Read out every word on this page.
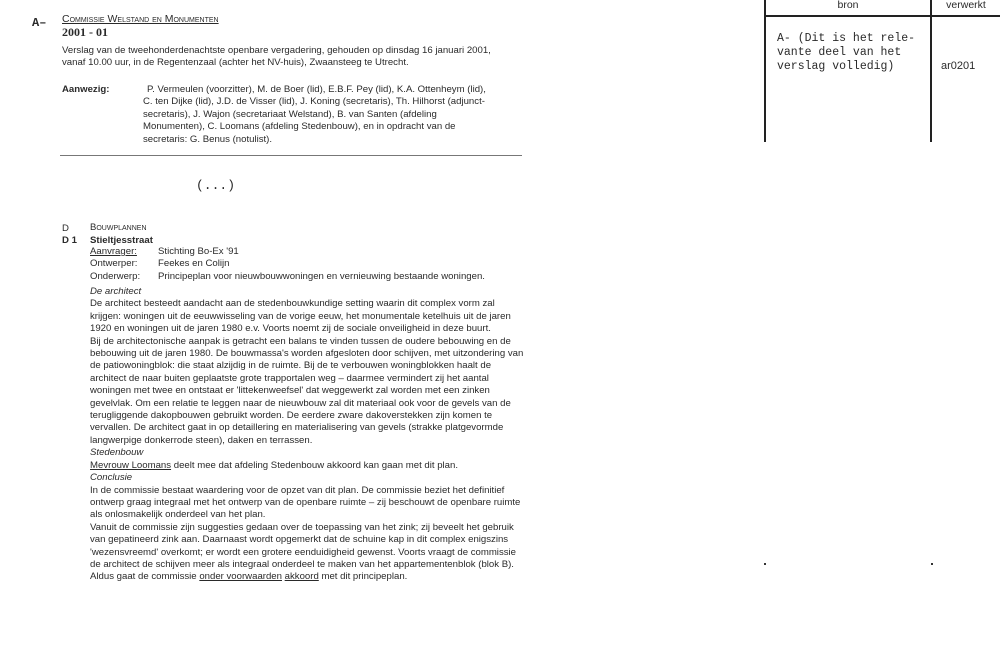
A– Commissie Welstand en Monumenten
2001 - 01
Verslag van de tweehonderdenachtste openbare vergadering, gehouden op dinsdag 16 januari 2001,
vanaf 10.00 uur, in de Regentenzaal (achter het NV-huis), Zwaansteeg te Utrecht.
Aanwezig:	P. Vermeulen (voorzitter), M. de Boer (lid), E.B.F. Pey (lid), K.A. Ottenheym (lid),
C. ten Dijke (lid), J.D. de Visser (lid), J. Koning (secretaris), Th. Hilhorst (adjunct-
secretaris), J. Wajon (secretariaat Welstand), B. van Santen (afdeling
Monumenten), C. Loomans (afdeling Stedenbouw), en in opdracht van de
secretaris: G. Benus (notulist).
(...)
D Bouwplannen
D 1 Stieltjesstraat
Aanvrager: Stichting Bo-Ex '91
Ontwerper: Feekes en Colijn
Onderwerp: Principeplan voor nieuwbouwwoningen en vernieuwing bestaande woningen.
De architect
De architect besteedt aandacht aan de stedenbouwkundige setting waarin dit complex vorm zal
krijgen: woningen uit de eeuwwisseling van de vorige eeuw, het monumentale ketelhuis uit de jaren
1920 en woningen uit de jaren 1980 e.v. Voorts noemt zij de sociale onveiligheid in deze buurt.
Bij de architectonische aanpak is getracht een balans te vinden tussen de oudere bebouwing en de
bebouwing uit de jaren 1980. De bouwmassa's worden afgesloten door schijven, met uitzondering van
de patiowoningblok: die staat alzijdig in de ruimte. Bij de te verbouwen woningblokken haalt de
architect de naar buiten geplaatste grote trapportalen weg – daarmee vermindert zij het aantal
woningen met twee en ontstaat er 'littekenweefsel' dat weggewerkt zal worden met een zinken
gevelvlak. Om een relatie te leggen naar de nieuwbouw zal dit materiaal ook voor de gevels van de
terugliggende dakopbouwen gebruikt worden. De eerdere zware dakoverstekken zijn komen te
vervallen. De architect gaat in op detaillering en materialisering van gevels (strakke platgevormde
langwerpige donkerrode steen), daken en terrassen.
Stedenbouw
Mevrouw Loomans deelt mee dat afdeling Stedenbouw akkoord kan gaan met dit plan.
Conclusie
In de commissie bestaat waardering voor de opzet van dit plan. De commissie beziet het definitief
ontwerp graag integraal met het ontwerp van de openbare ruimte – zij beschouwt de openbare ruimte
als onlosmakelijk onderdeel van het plan.
Vanuit de commissie zijn suggesties gedaan over de toepassing van het zink; zij beveelt het gebruik
van gepatineerd zink aan. Daarnaast wordt opgemerkt dat de schuine kap in dit complex enigszins
'wezensvreemd' overkomt; er wordt een grotere eenduidigheid gewenst. Voorts vraagt de commissie
de architect de schijven meer als integraal onderdeel te maken van het appartementenblok (blok B).
Aldus gaat de commissie onder voorwaarden akkoord met dit principeplan.
bron	verwerkt
A- (Dit is het rele-
vante deel van het
verslag volledig)	ar0201
